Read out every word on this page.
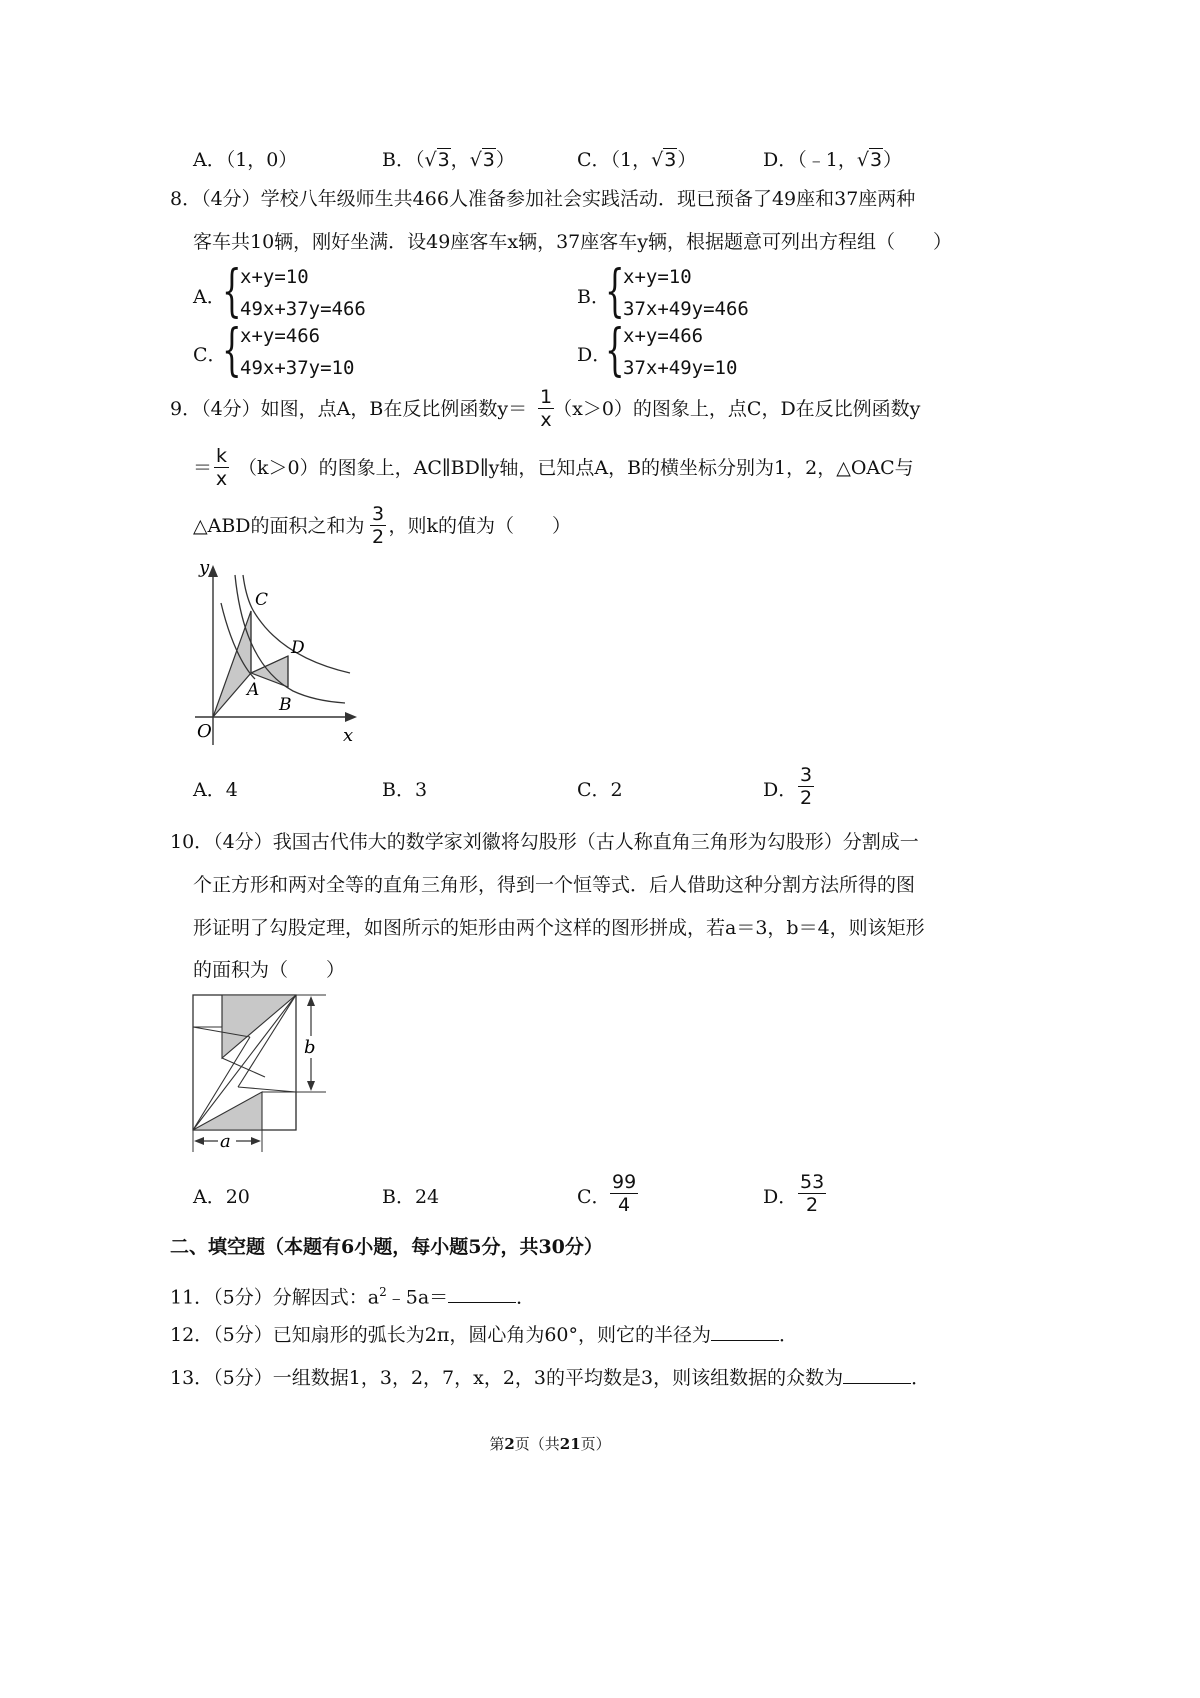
A．（1，0）	B．（√3，√3）	C．（1，√3）	D．（﹣1，√3）
8．（4分）学校八年级师生共466人准备参加社会实践活动．现已预备了49座和37座两种
客车共10辆，刚好坐满．设49座客车x辆，37座客车y辆，根据题意可列出方程组（　　）
A．
{
x+y=10
49x+37y=466
B．
{
x+y=10
37x+49y=466
C．
{
x+y=466
49x+37y=10
D．
{
x+y=466
37x+49y=10
9．（4分）如图，点A，B在反比例函数y＝ （x＞0）的图象上，点C，D在反比例函数y
$\frac{1}{x}$
＝ （k＞0）的图象上，AC∥BD∥y轴，已知点A，B的横坐标分别为1，2，△OAC与
$\frac{k}{x}$
△ABD的面积之和为 ，则k的值为（　　）
$\frac{3}{2}$
y
x
O
A
B
C
D
A．4	B．3	C．2	D． $\frac{3}{2}$
10．（4分）我国古代伟大的数学家刘徽将勾股形（古人称直角三角形为勾股形）分割成一
个正方形和两对全等的直角三角形，得到一个恒等式．后人借助这种分割方法所得的图
形证明了勾股定理，如图所示的矩形由两个这样的图形拼成，若a＝3，b＝4，则该矩形
的面积为（　　）
b
a
A．20	B．24	C． $\frac{99}{4}$	D． $\frac{53}{2}$
二、填空题（本题有6小题，每小题5分，共30分）
11．（5分）分解因式：$a^2﹣5a=$	．
12．（5分）已知扇形的弧长为2π，圆心角为60°，则它的半径为	．
13．（5分）一组数据1，3，2，7，x，2，3的平均数是3，则该组数据的众数为	．
第2页（共21页）
